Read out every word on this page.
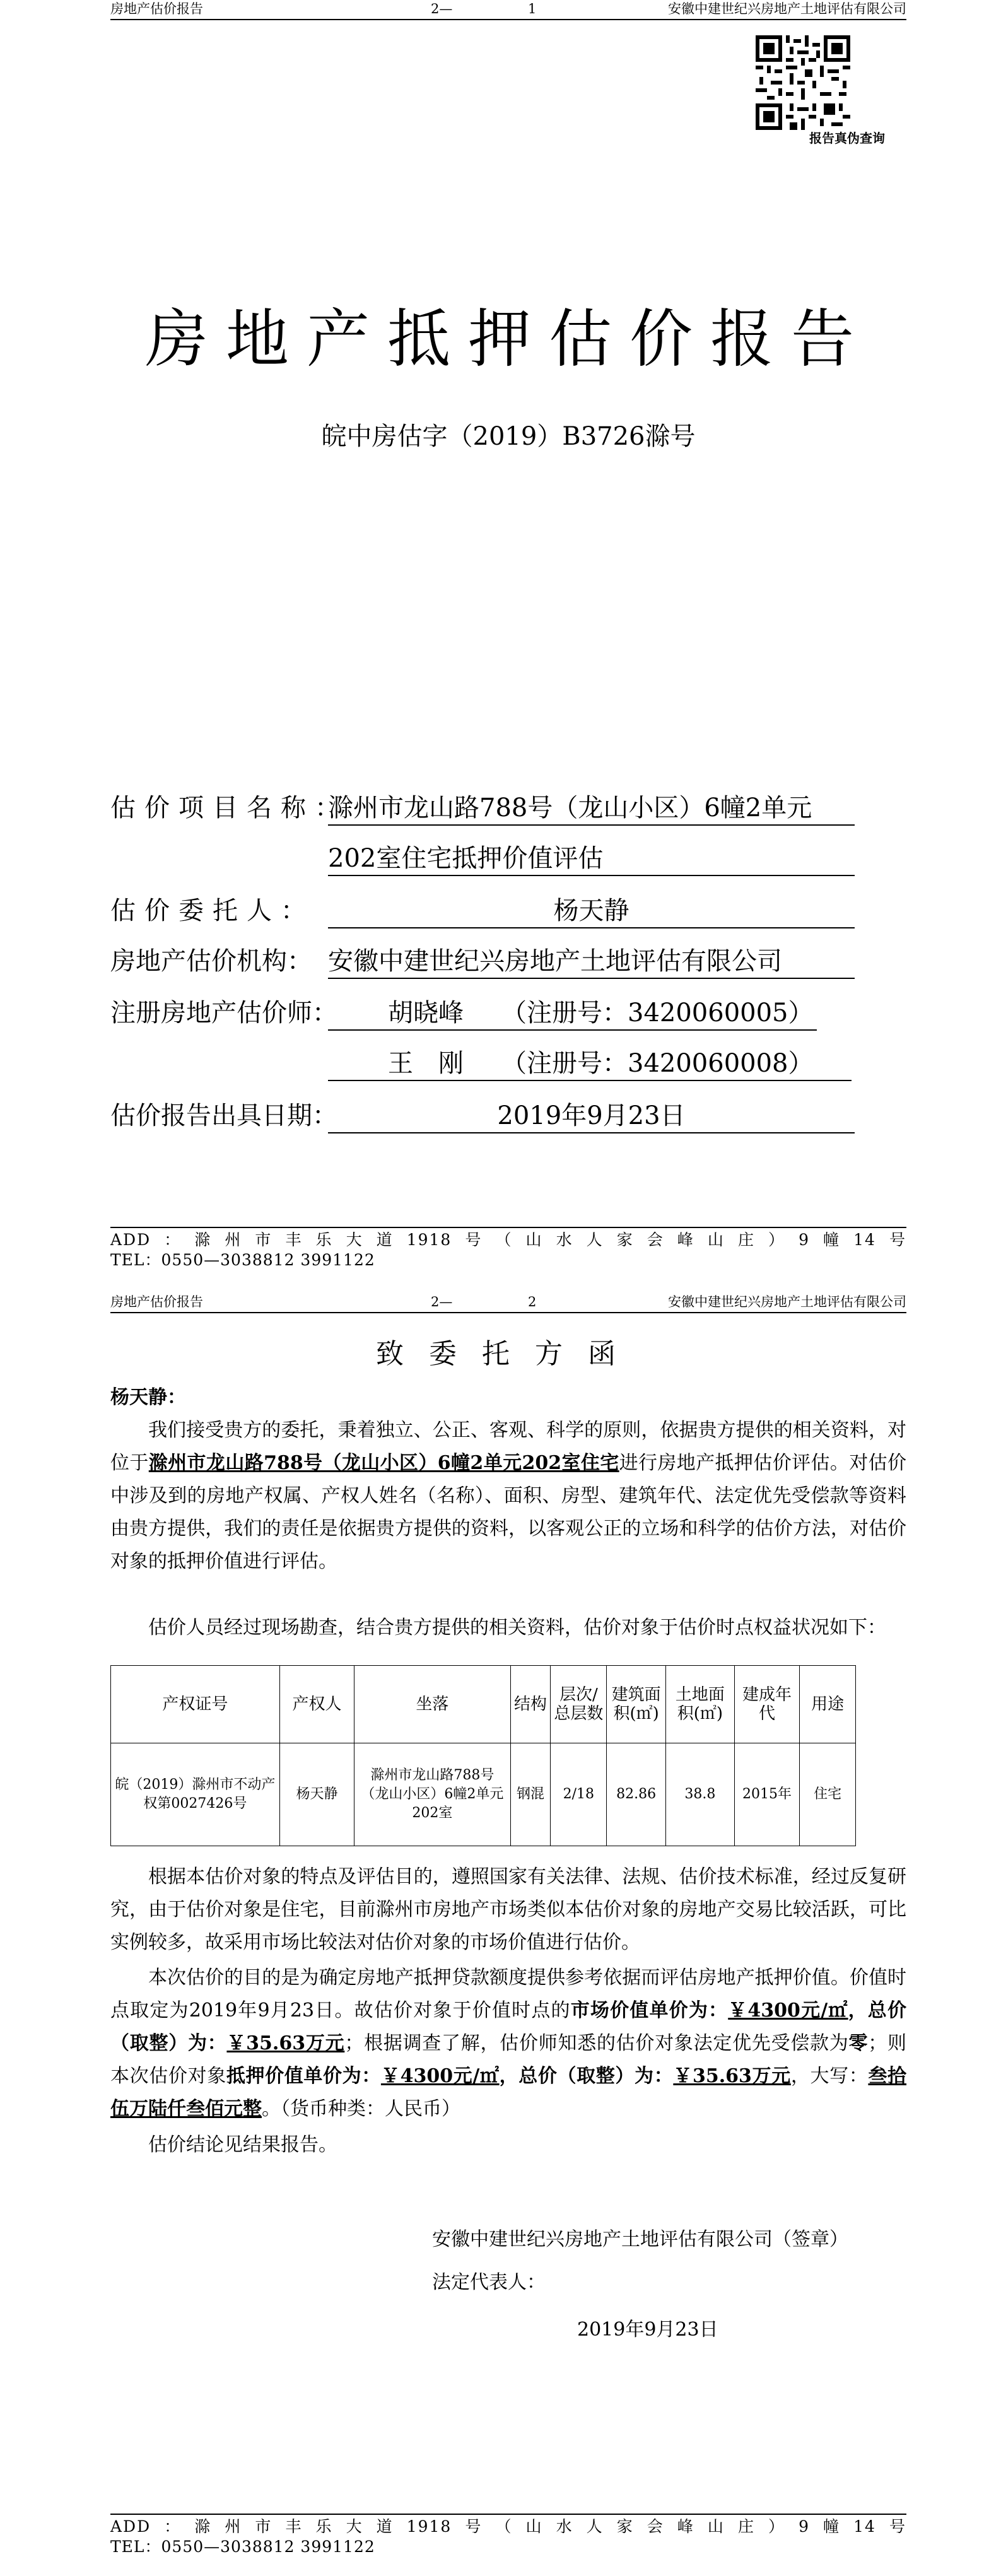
房地产估价报告	2—	1	安徽中建世纪兴房地产土地评估有限公司
报告真伪查询
房地产抵押估价报告
皖中房估字（2019）B3726滁号
估价项目名称：
滁州市龙山路788号（龙山小区）6幢2单元
202室住宅抵押价值评估
估价委托人：	杨天静
房地产估价机构： 安徽中建世纪兴房地产土地评估有限公司
注册房地产估价师：	胡晓峰 （注册号：3420060005）
王　刚 （注册号：3420060008）
估价报告出具日期：	2019年9月23日
ADD：滁州市丰乐大道1918号（山水人家会峰山庄）9幢14号
TEL：0550—3038812 3991122
房地产估价报告	2—	2	安徽中建世纪兴房地产土地评估有限公司
致委托方函
杨天静：
我们接受贵方的委托，秉着独立、公正、客观、科学的原则，依据贵方提供的相关资料，对位于滁州市龙山路788号（龙山小区）6幢2单元202室住宅进行房地产抵押估价评估。对估价中涉及到的房地产权属、产权人姓名（名称）、面积、房型、建筑年代、法定优先受偿款等资料由贵方提供，我们的责任是依据贵方提供的资料，以客观公正的立场和科学的估价方法，对估价对象的抵押价值进行评估。
估价人员经过现场勘查，结合贵方提供的相关资料，估价对象于估价时点权益状况如下：
产权证号	产权人	坐落	结构	层次/总层数	建筑面积(㎡)	土地面积(㎡)	建成年代	用途
皖（2019）滁州市不动产权第0027426号	杨天静	滁州市龙山路788号（龙山小区）6幢2单元202室	钢混	2/18	82.86	38.8	2015年	住宅
根据本估价对象的特点及评估目的，遵照国家有关法律、法规、估价技术标准，经过反复研究，由于估价对象是住宅，目前滁州市房地产市场类似本估价对象的房地产交易比较活跃，可比实例较多，故采用市场比较法对估价对象的市场价值进行估价。
本次估价的目的是为确定房地产抵押贷款额度提供参考依据而评估房地产抵押价值。价值时点取定为2019年9月23日。故估价对象于价值时点的市场价值单价为：￥4300元/㎡，总价（取整）为：￥35.63万元；根据调查了解，估价师知悉的估价对象法定优先受偿款为零；则本次估价对象抵押价值单价为：￥4300元/㎡，总价（取整）为：￥35.63万元，大写：叁拾伍万陆仟叁佰元整。（货币种类：人民币）
估价结论见结果报告。
安徽中建世纪兴房地产土地评估有限公司（签章）
法定代表人：
2019年9月23日
ADD：滁州市丰乐大道1918号（山水人家会峰山庄）9幢14号
TEL：0550—3038812 3991122
